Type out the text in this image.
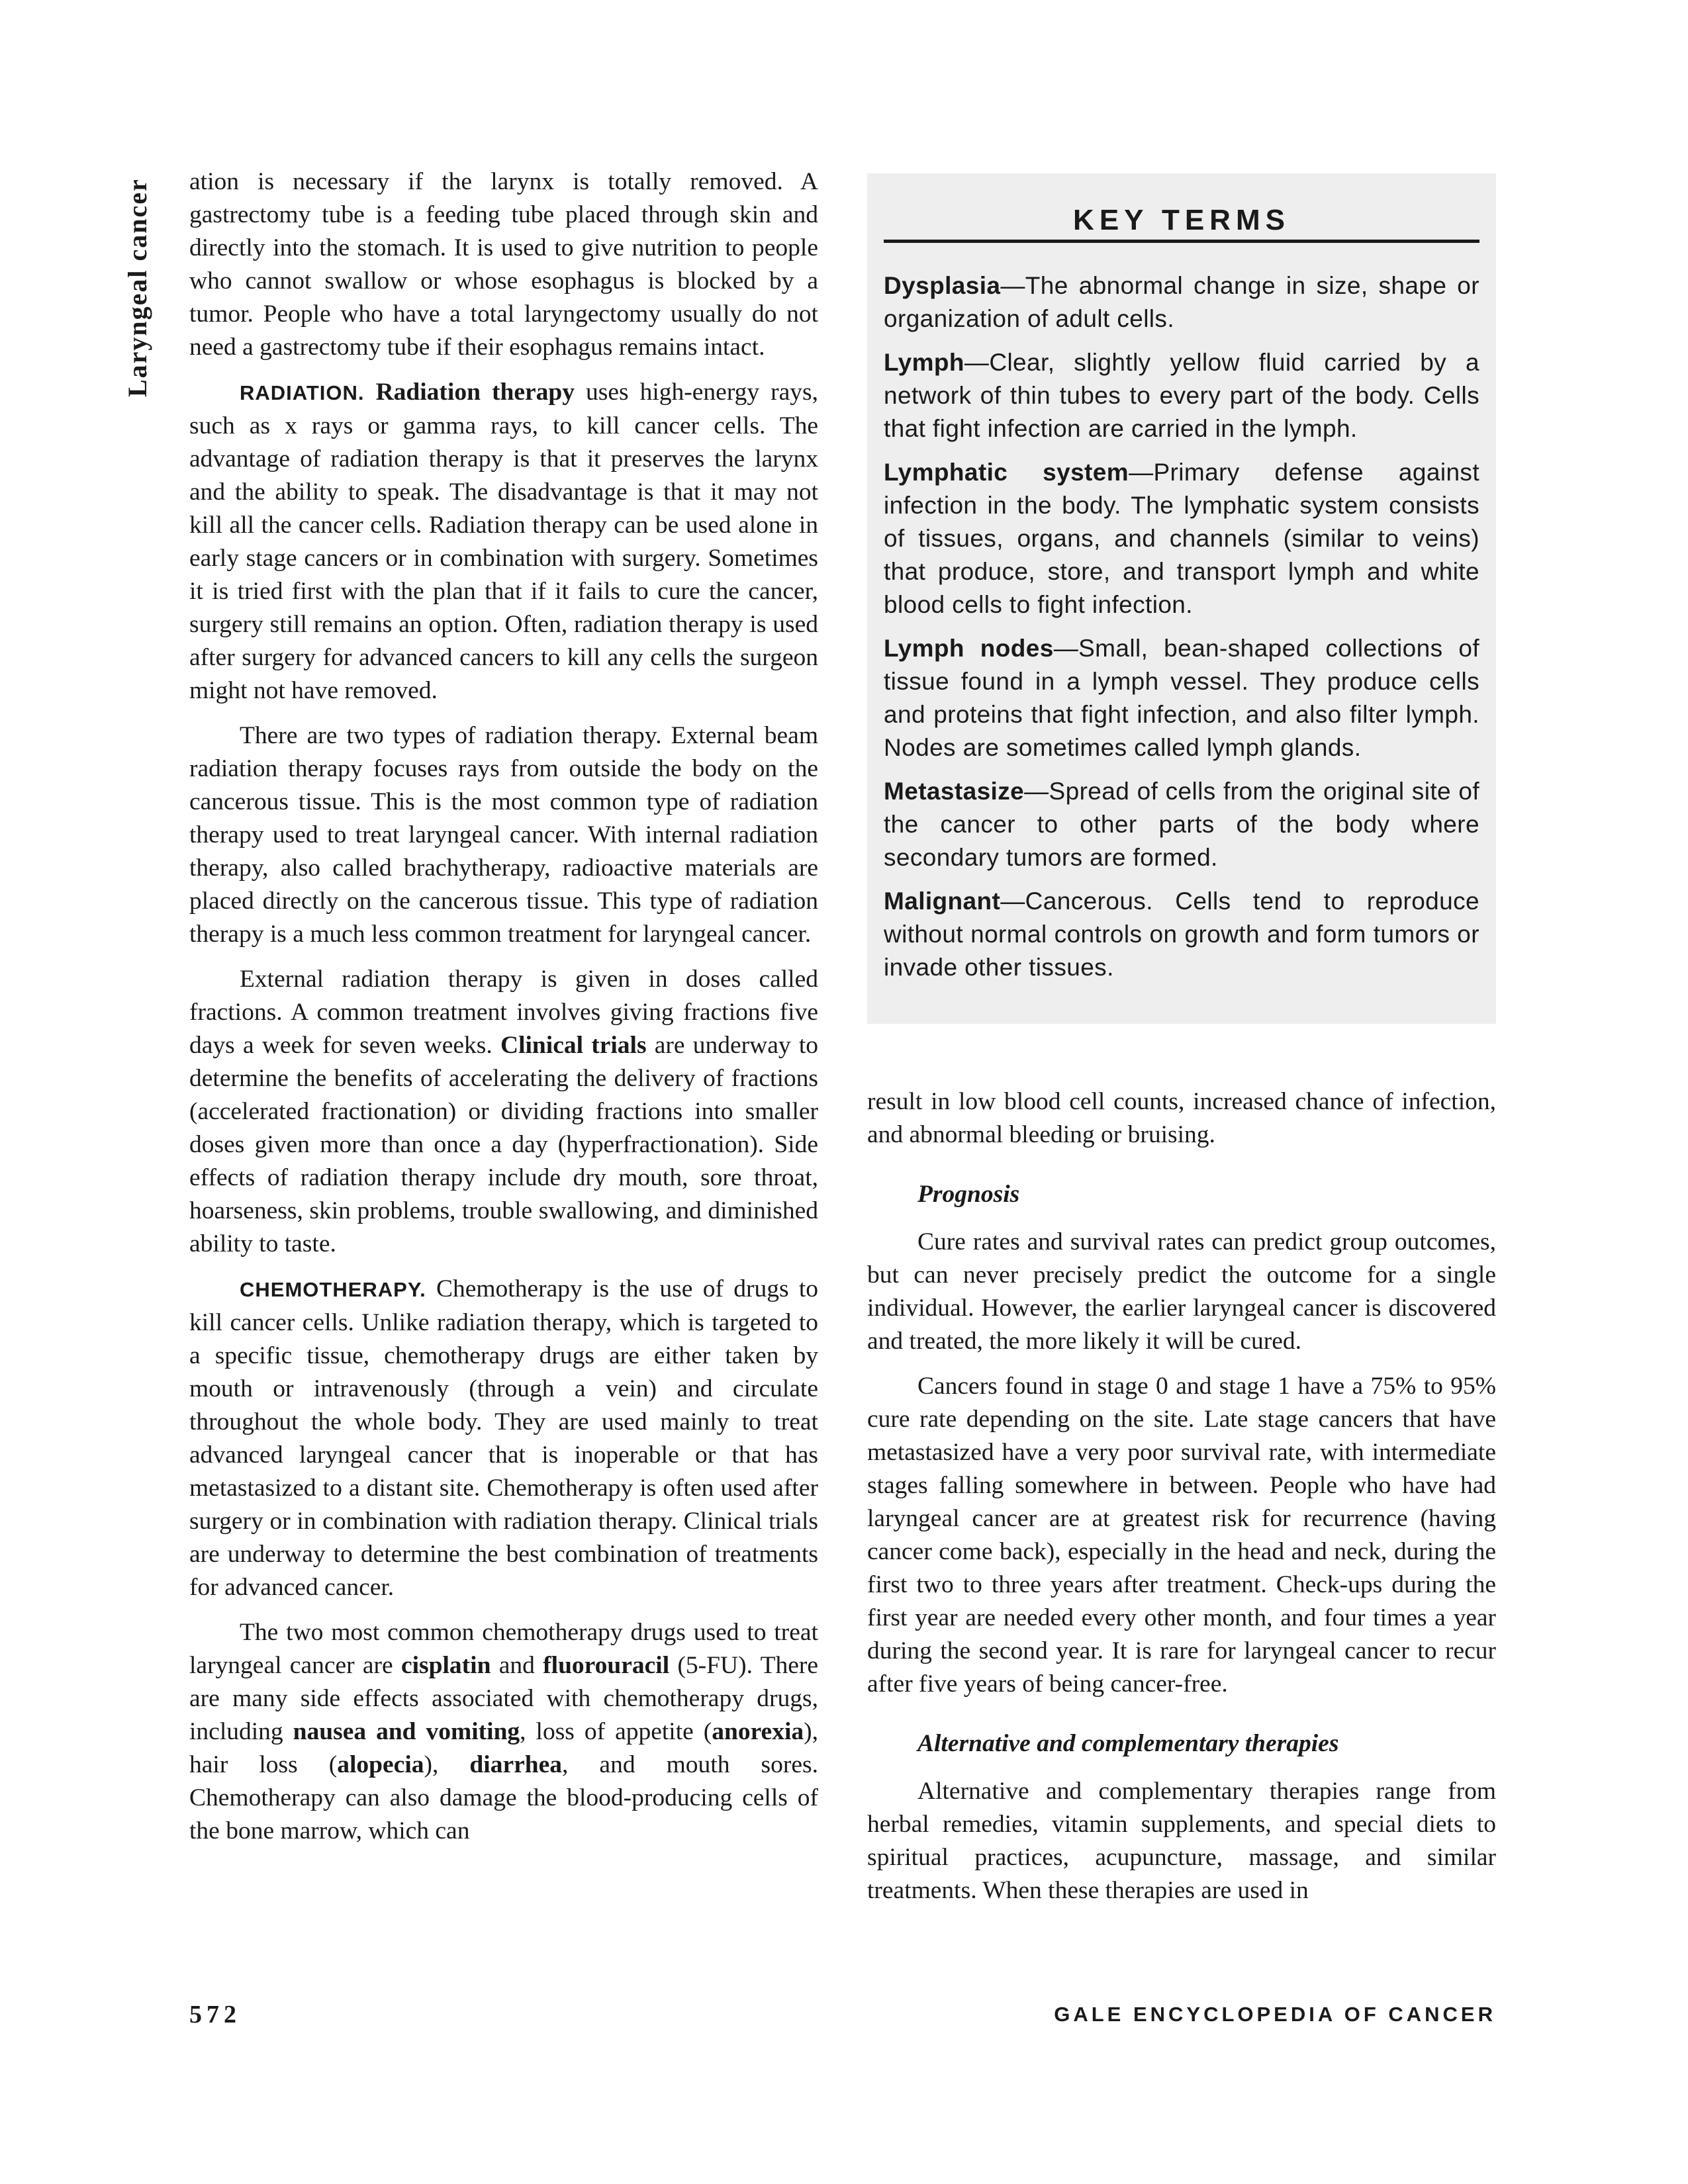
Laryngeal cancer ation is necessary if the larynx is totally removed. A gastrectomy tube is a feeding tube placed through skin and directly into the stomach. It is used to give nutrition to people who cannot swallow or whose esophagus is blocked by a tumor. People who have a total laryngectomy usually do not need a gastrectomy tube if their esophagus remains intact.

RADIATION. Radiation therapy uses high-energy rays, such as x rays or gamma rays, to kill cancer cells. The advantage of radiation therapy is that it preserves the larynx and the ability to speak. The disadvantage is that it may not kill all the cancer cells. Radiation therapy can be used alone in early stage cancers or in combination with surgery. Sometimes it is tried first with the plan that if it fails to cure the cancer, surgery still remains an option. Often, radiation therapy is used after surgery for advanced cancers to kill any cells the surgeon might not have removed.

There are two types of radiation therapy. External beam radiation therapy focuses rays from outside the body on the cancerous tissue. This is the most common type of radiation therapy used to treat laryngeal cancer. With internal radiation therapy, also called brachytherapy, radioactive materials are placed directly on the cancerous tissue. This type of radiation therapy is a much less common treatment for laryngeal cancer.

External radiation therapy is given in doses called fractions. A common treatment involves giving fractions five days a week for seven weeks. Clinical trials are underway to determine the benefits of accelerating the delivery of fractions (accelerated fractionation) or dividing fractions into smaller doses given more than once a day (hyperfractionation). Side effects of radiation therapy include dry mouth, sore throat, hoarseness, skin problems, trouble swallowing, and diminished ability to taste.

CHEMOTHERAPY. Chemotherapy is the use of drugs to kill cancer cells. Unlike radiation therapy, which is targeted to a specific tissue, chemotherapy drugs are either taken by mouth or intravenously (through a vein) and circulate throughout the whole body. They are used mainly to treat advanced laryngeal cancer that is inoperable or that has metastasized to a distant site. Chemotherapy is often used after surgery or in combination with radiation therapy. Clinical trials are underway to determine the best combination of treatments for advanced cancer.

The two most common chemotherapy drugs used to treat laryngeal cancer are cisplatin and fluorouracil (5-FU). There are many side effects associated with chemotherapy drugs, including nausea and vomiting, loss of appetite (anorexia), hair loss (alopecia), diarrhea, and mouth sores. Chemotherapy can also damage the blood-producing cells of the bone marrow, which can

KEY TERMS
Dysplasia—The abnormal change in size, shape or organization of adult cells.
Lymph—Clear, slightly yellow fluid carried by a network of thin tubes to every part of the body. Cells that fight infection are carried in the lymph.
Lymphatic system—Primary defense against infection in the body. The lymphatic system consists of tissues, organs, and channels (similar to veins) that produce, store, and transport lymph and white blood cells to fight infection.
Lymph nodes—Small, bean-shaped collections of tissue found in a lymph vessel. They produce cells and proteins that fight infection, and also filter lymph. Nodes are sometimes called lymph glands.
Metastasize—Spread of cells from the original site of the cancer to other parts of the body where secondary tumors are formed.
Malignant—Cancerous. Cells tend to reproduce without normal controls on growth and form tumors or invade other tissues.

result in low blood cell counts, increased chance of infection, and abnormal bleeding or bruising.

Prognosis

Cure rates and survival rates can predict group outcomes, but can never precisely predict the outcome for a single individual. However, the earlier laryngeal cancer is discovered and treated, the more likely it will be cured.

Cancers found in stage 0 and stage 1 have a 75% to 95% cure rate depending on the site. Late stage cancers that have metastasized have a very poor survival rate, with intermediate stages falling somewhere in between. People who have had laryngeal cancer are at greatest risk for recurrence (having cancer come back), especially in the head and neck, during the first two to three years after treatment. Check-ups during the first year are needed every other month, and four times a year during the second year. It is rare for laryngeal cancer to recur after five years of being cancer-free.

Alternative and complementary therapies

Alternative and complementary therapies range from herbal remedies, vitamin supplements, and special diets to spiritual practices, acupuncture, massage, and similar treatments. When these therapies are used in

572	GALE ENCYCLOPEDIA OF CANCER
